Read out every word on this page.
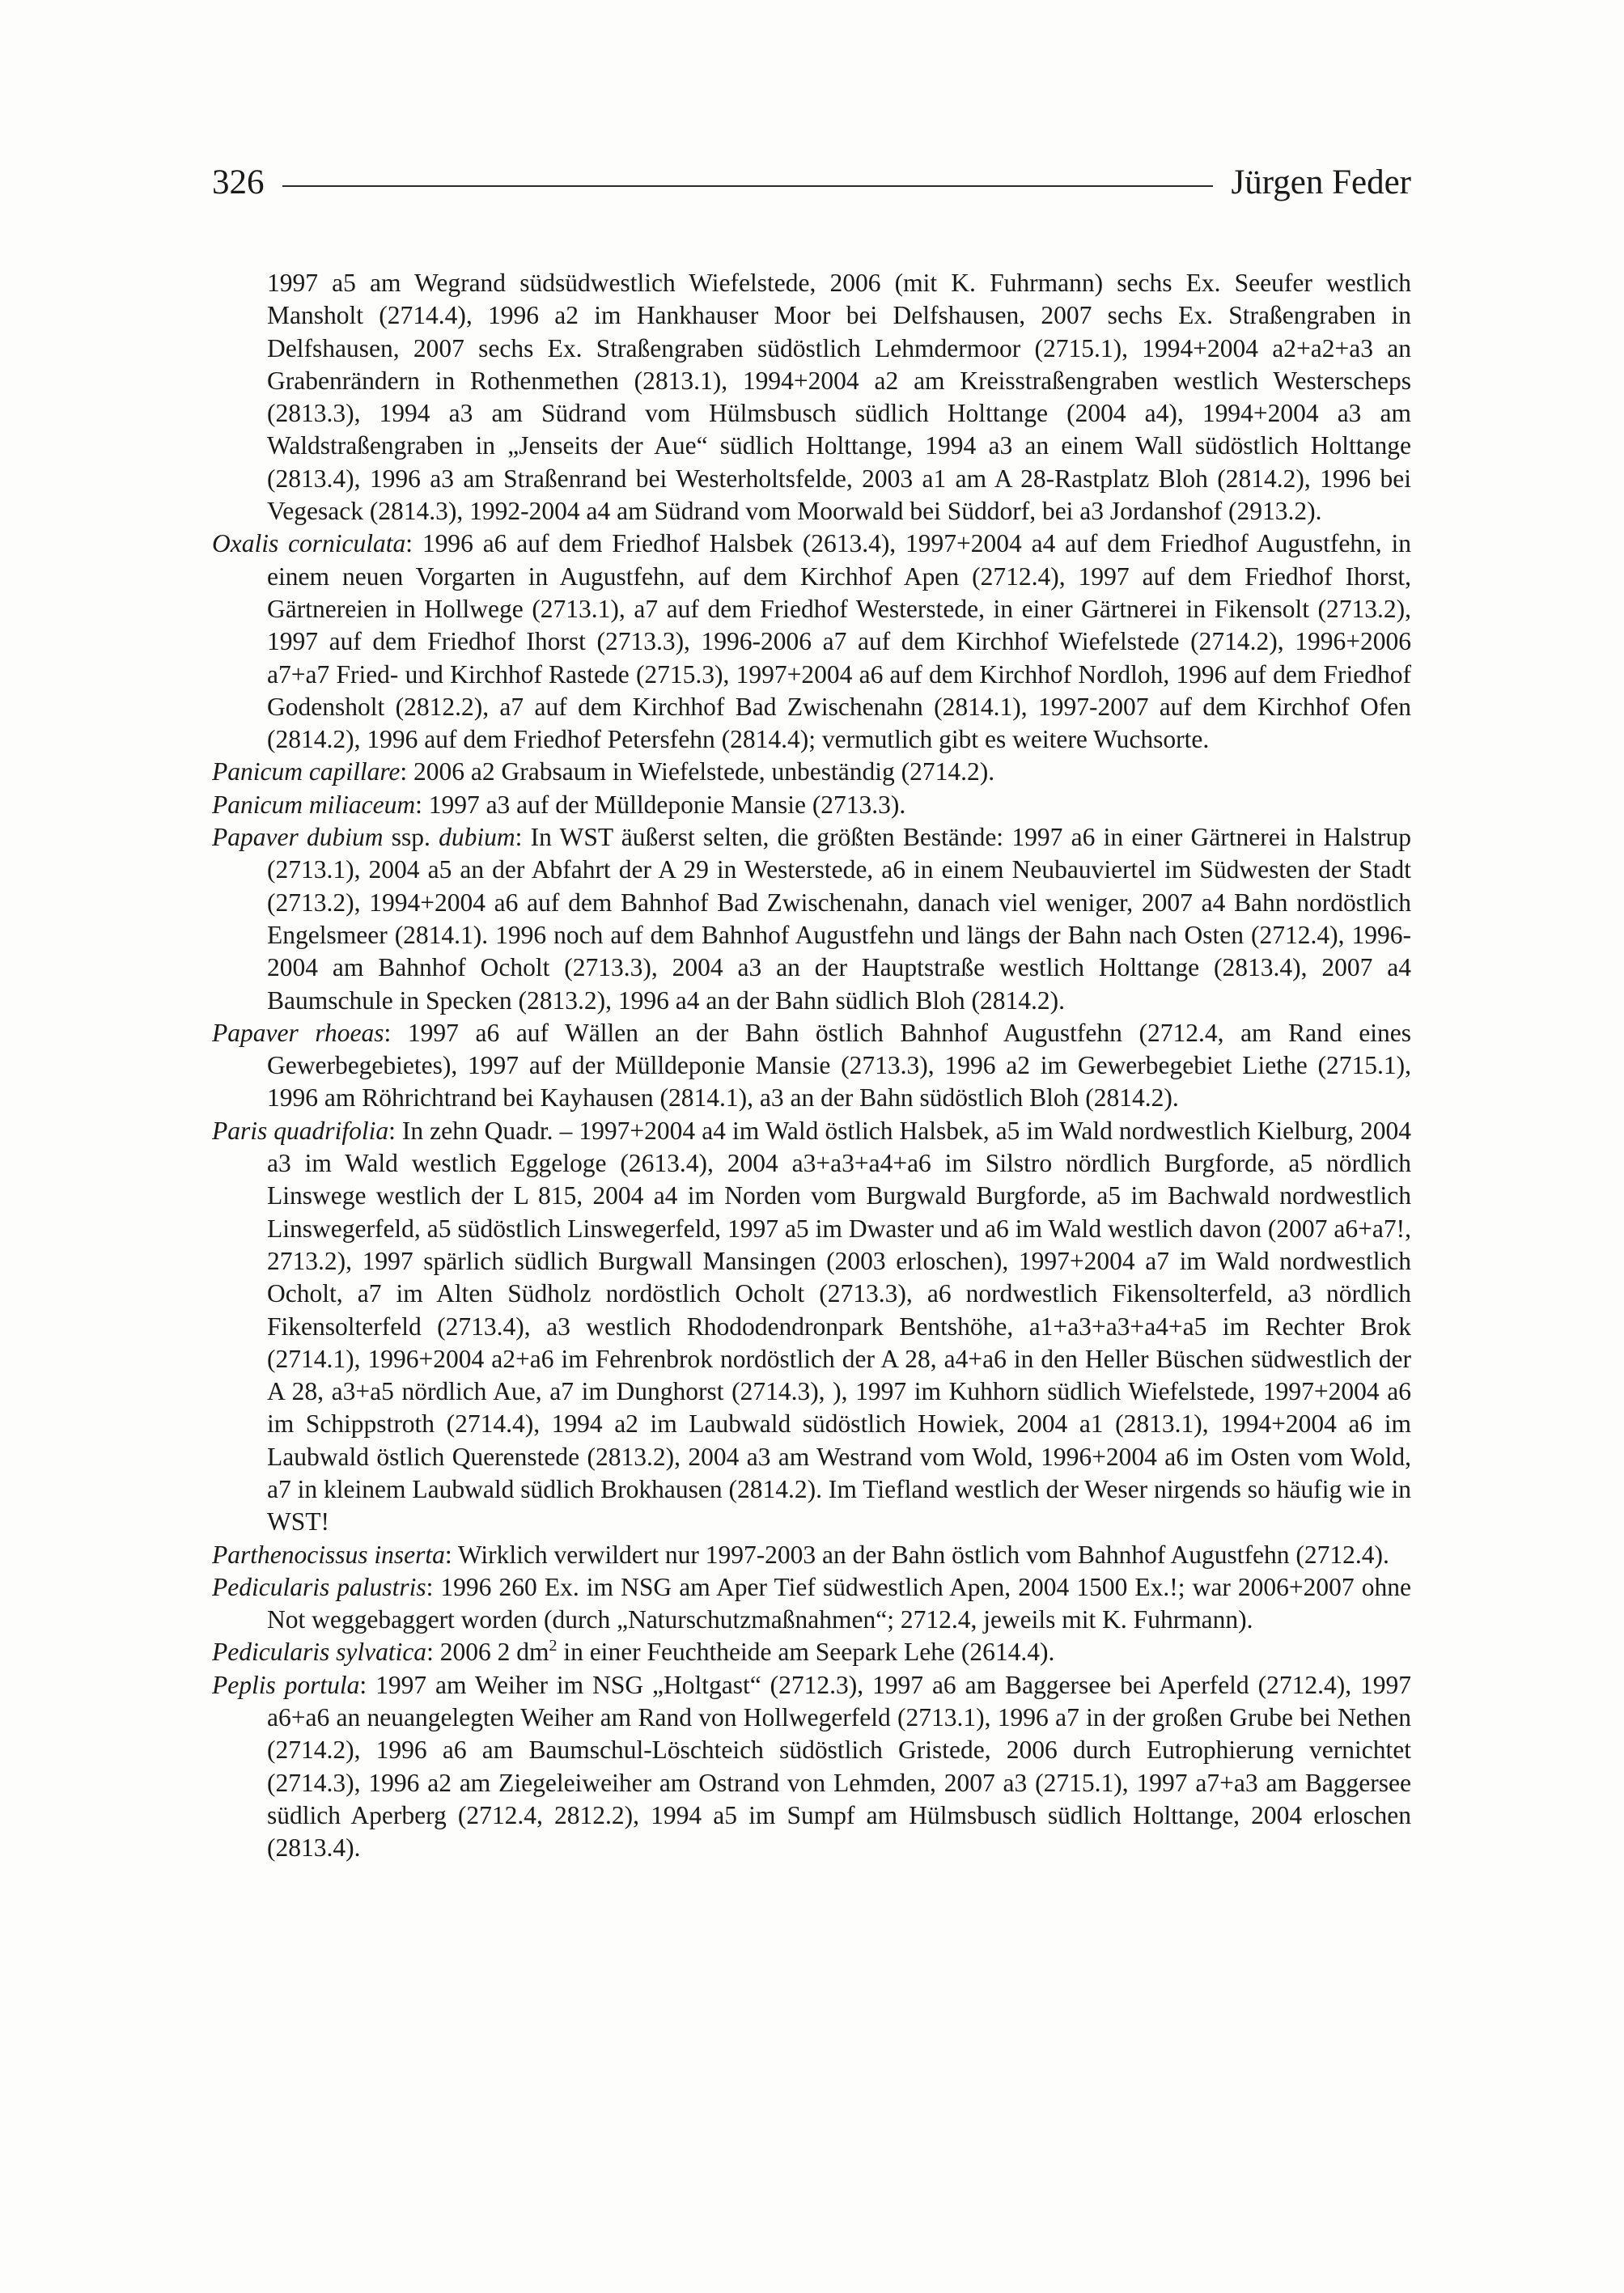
326	Jürgen Feder

1997 a5 am Wegrand südsüdwestlich Wiefelstede, 2006 (mit K. Fuhrmann) sechs Ex. Seeufer westlich Mansholt (2714.4), 1996 a2 im Hankhauser Moor bei Delfshausen, 2007 sechs Ex. Straßengraben in Delfshausen, 2007 sechs Ex. Straßengraben südöstlich Lehmdermoor (2715.1), 1994+2004 a2+a2+a3 an Grabenrändern in Rothenmethen (2813.1), 1994+2004 a2 am Kreisstraßengraben westlich Westerscheps (2813.3), 1994 a3 am Südrand vom Hülmsbusch südlich Holttange (2004 a4), 1994+2004 a3 am Waldstraßengraben in „Jenseits der Aue“ südlich Holttange, 1994 a3 an einem Wall südöstlich Holttange (2813.4), 1996 a3 am Straßenrand bei Westerholtsfelde, 2003 a1 am A 28-Rastplatz Bloh (2814.2), 1996 bei Vegesack (2814.3), 1992-2004 a4 am Südrand vom Moorwald bei Süddorf, bei a3 Jordanshof (2913.2).

Oxalis corniculata: 1996 a6 auf dem Friedhof Halsbek (2613.4), 1997+2004 a4 auf dem Friedhof Augustfehn, in einem neuen Vorgarten in Augustfehn, auf dem Kirchhof Apen (2712.4), 1997 auf dem Friedhof Ihorst, Gärtnereien in Hollwege (2713.1), a7 auf dem Friedhof Westerstede, in einer Gärtnerei in Fikensolt (2713.2), 1997 auf dem Friedhof Ihorst (2713.3), 1996-2006 a7 auf dem Kirchhof Wiefelstede (2714.2), 1996+2006 a7+a7 Fried- und Kirchhof Rastede (2715.3), 1997+2004 a6 auf dem Kirchhof Nordloh, 1996 auf dem Friedhof Godensholt (2812.2), a7 auf dem Kirchhof Bad Zwischenahn (2814.1), 1997-2007 auf dem Kirchhof Ofen (2814.2), 1996 auf dem Friedhof Petersfehn (2814.4); vermutlich gibt es weitere Wuchsorte.

Panicum capillare: 2006 a2 Grabsaum in Wiefelstede, unbeständig (2714.2).

Panicum miliaceum: 1997 a3 auf der Mülldeponie Mansie (2713.3).

Papaver dubium ssp. dubium: In WST äußerst selten, die größten Bestände: 1997 a6 in einer Gärtnerei in Halstrup (2713.1), 2004 a5 an der Abfahrt der A 29 in Westerstede, a6 in einem Neubauviertel im Südwesten der Stadt (2713.2), 1994+2004 a6 auf dem Bahnhof Bad Zwischenahn, danach viel weniger, 2007 a4 Bahn nordöstlich Engelsmeer (2814.1). 1996 noch auf dem Bahnhof Augustfehn und längs der Bahn nach Osten (2712.4), 1996-2004 am Bahnhof Ocholt (2713.3), 2004 a3 an der Hauptstraße westlich Holttange (2813.4), 2007 a4 Baumschule in Specken (2813.2), 1996 a4 an der Bahn südlich Bloh (2814.2).

Papaver rhoeas: 1997 a6 auf Wällen an der Bahn östlich Bahnhof Augustfehn (2712.4, am Rand eines Gewerbegebietes), 1997 auf der Mülldeponie Mansie (2713.3), 1996 a2 im Gewerbegebiet Liethe (2715.1), 1996 am Röhrichtrand bei Kayhausen (2814.1), a3 an der Bahn südöstlich Bloh (2814.2).

Paris quadrifolia: In zehn Quadr. – 1997+2004 a4 im Wald östlich Halsbek, a5 im Wald nordwestlich Kielburg, 2004 a3 im Wald westlich Eggeloge (2613.4), 2004 a3+a3+a4+a6 im Silstro nördlich Burgforde, a5 nördlich Linswege westlich der L 815, 2004 a4 im Norden vom Burgwald Burgforde, a5 im Bachwald nordwestlich Linswegerfeld, a5 südöstlich Linswegerfeld, 1997 a5 im Dwaster und a6 im Wald westlich davon (2007 a6+a7!, 2713.2), 1997 spärlich südlich Burgwall Mansingen (2003 erloschen), 1997+2004 a7 im Wald nordwestlich Ocholt, a7 im Alten Südholz nordöstlich Ocholt (2713.3), a6 nordwestlich Fikensolterfeld, a3 nördlich Fikensolterfeld (2713.4), a3 westlich Rhododendronpark Bentshöhe, a1+a3+a3+a4+a5 im Rechter Brok (2714.1), 1996+2004 a2+a6 im Fehrenbrok nordöstlich der A 28, a4+a6 in den Heller Büschen südwestlich der A 28, a3+a5 nördlich Aue, a7 im Dunghorst (2714.3), ), 1997 im Kuhhorn südlich Wiefelstede, 1997+2004 a6 im Schippstroth (2714.4), 1994 a2 im Laubwald südöstlich Howiek, 2004 a1 (2813.1), 1994+2004 a6 im Laubwald östlich Querenstede (2813.2), 2004 a3 am Westrand vom Wold, 1996+2004 a6 im Osten vom Wold, a7 in kleinem Laubwald südlich Brokhausen (2814.2). Im Tiefland westlich der Weser nirgends so häufig wie in WST!

Parthenocissus inserta: Wirklich verwildert nur 1997-2003 an der Bahn östlich vom Bahnhof Augustfehn (2712.4).

Pedicularis palustris: 1996 260 Ex. im NSG am Aper Tief südwestlich Apen, 2004 1500 Ex.!; war 2006+2007 ohne Not weggebaggert worden (durch „Naturschutzmaßnahmen“; 2712.4, jeweils mit K. Fuhrmann).

Pedicularis sylvatica: 2006 2 $dm^2$ in einer Feuchtheide am Seepark Lehe (2614.4).

Peplis portula: 1997 am Weiher im NSG „Holtgast“ (2712.3), 1997 a6 am Baggersee bei Aperfeld (2712.4), 1997 a6+a6 an neuangelegten Weiher am Rand von Hollwegerfeld (2713.1), 1996 a7 in der großen Grube bei Nethen (2714.2), 1996 a6 am Baumschul-Löschteich südöstlich Gristede, 2006 durch Eutrophierung vernichtet (2714.3), 1996 a2 am Ziegeleiweiher am Ostrand von Lehmden, 2007 a3 (2715.1), 1997 a7+a3 am Baggersee südlich Aperberg (2712.4, 2812.2), 1994 a5 im Sumpf am Hülmsbusch südlich Holttange, 2004 erloschen (2813.4).
